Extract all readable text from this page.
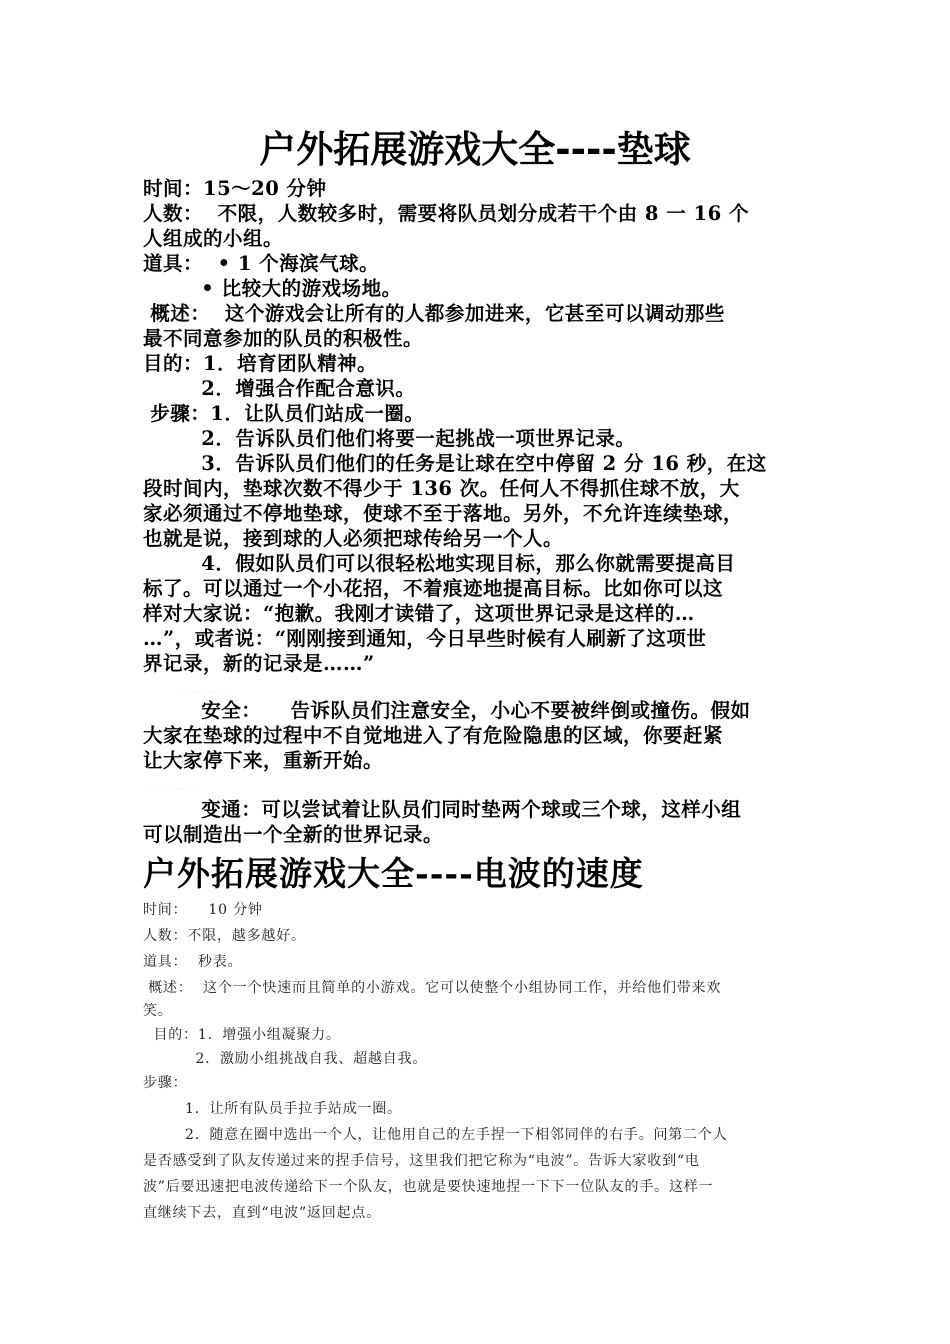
户外拓展游戏大全----垫球
时间：15～20 分钟
人数：  不限，人数较多时，需要将队员划分成若干个由 8 一 16 个
人组成的小组。
道具：  • 1 个海滨气球。
• 比较大的游戏场地。
概述：  这个游戏会让所有的人都参加进来，它甚至可以调动那些
最不同意参加的队员的积极性。
目的：1．培育团队精神。
2．增强合作配合意识。
步骤：1．让队员们站成一圈。
2．告诉队员们他们将要一起挑战一项世界记录。
3．告诉队员们他们的任务是让球在空中停留 2 分 16 秒，在这
段时间内，垫球次数不得少于 136 次。任何人不得抓住球不放，大
家必须通过不停地垫球，使球不至于落地。另外，不允许连续垫球，
也就是说，接到球的人必须把球传给另一个人。
4．假如队员们可以很轻松地实现目标，那么你就需要提高目
标了。可以通过一个小花招，不着痕迹地提高目标。比如你可以这
样对大家说：“抱歉。我刚才读错了，这项世界记录是这样的…
…”，或者说：“刚刚接到通知，今日早些时候有人刷新了这项世
界记录，新的记录是……”
·· ·· ·· ··
安全：    告诉队员们注意安全，小心不要被绊倒或撞伤。假如
大家在垫球的过程中不自觉地进入了有危险隐患的区域，你要赶紧
让大家停下来，重新开始。
·· ·· ·· ··
变通：可以尝试着让队员们同时垫两个球或三个球，这样小组
可以制造出一个全新的世界记录。
户外拓展游戏大全----电波的速度
时间：    10 分钟
人数：不限，越多越好。
道具：  秒表。
概述：  这个一个快速而且简单的小游戏。它可以使整个小组协同工作，并给他们带来欢
笑。
目的：1．增强小组凝聚力。
2．激励小组挑战自我、超越自我。
步骤：
1．让所有队员手拉手站成一圈。
2．随意在圈中选出一个人，让他用自己的左手捏一下相邻同伴的右手。问第二个人
是否感受到了队友传递过来的捏手信号，这里我们把它称为“电波”。告诉大家收到“电
波”后要迅速把电波传递给下一个队友，也就是要快速地捏一下下一位队友的手。这样一
直继续下去，直到“电波”返回起点。
